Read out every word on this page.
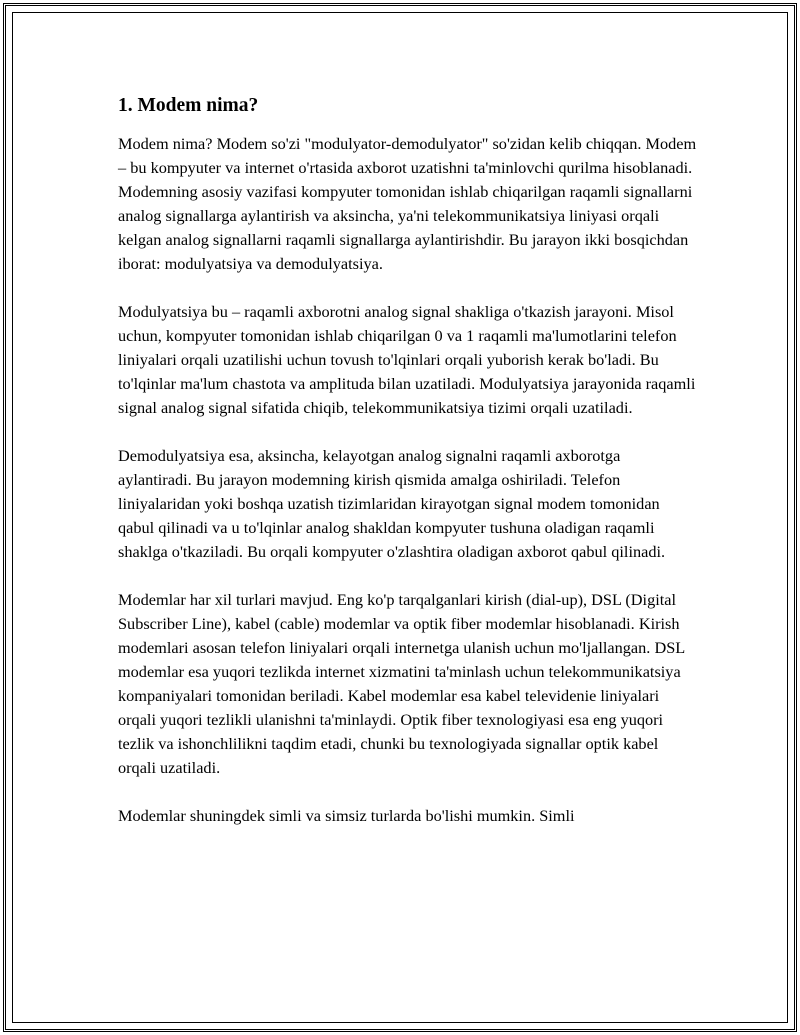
1. Modem nima?

Modem nima? Modem so'zi "modulyator-demodulyator" so'zidan kelib chiqqan. Modem – bu kompyuter va internet o'rtasida axborot uzatishni ta'minlovchi qurilma hisoblanadi. Modemning asosiy vazifasi kompyuter tomonidan ishlab chiqarilgan raqamli signallarni analog signallarga aylantirish va aksincha, ya'ni telekommunikatsiya liniyasi orqali kelgan analog signallarni raqamli signallarga aylantirishdir. Bu jarayon ikki bosqichdan iborat: modulyatsiya va demodulyatsiya.

Modulyatsiya bu – raqamli axborotni analog signal shakliga o'tkazish jarayoni. Misol uchun, kompyuter tomonidan ishlab chiqarilgan 0 va 1 raqamli ma'lumotlarini telefon liniyalari orqali uzatilishi uchun tovush to'lqinlari orqali yuborish kerak bo'ladi. Bu to'lqinlar ma'lum chastota va amplituda bilan uzatiladi. Modulyatsiya jarayonida raqamli signal analog signal sifatida chiqib, telekommunikatsiya tizimi orqali uzatiladi.

Demodulyatsiya esa, aksincha, kelayotgan analog signalni raqamli axborotga aylantiradi. Bu jarayon modemning kirish qismida amalga oshiriladi. Telefon liniyalaridan yoki boshqa uzatish tizimlaridan kirayotgan signal modem tomonidan qabul qilinadi va u to'lqinlar analog shakldan kompyuter tushuna oladigan raqamli shaklga o'tkaziladi. Bu orqali kompyuter o'zlashtira oladigan axborot qabul qilinadi.

Modemlar har xil turlari mavjud. Eng ko'p tarqalganlari kirish (dial-up), DSL (Digital Subscriber Line), kabel (cable) modemlar va optik fiber modemlar hisoblanadi. Kirish modemlari asosan telefon liniyalari orqali internetga ulanish uchun mo'ljallangan. DSL modemlar esa yuqori tezlikda internet xizmatini ta'minlash uchun telekommunikatsiya kompaniyalari tomonidan beriladi. Kabel modemlar esa kabel televidenie liniyalari orqali yuqori tezlikli ulanishni ta'minlaydi. Optik fiber texnologiyasi esa eng yuqori tezlik va ishonchlilikni taqdim etadi, chunki bu texnologiyada signallar optik kabel orqali uzatiladi.

Modemlar shuningdek simli va simsiz turlarda bo'lishi mumkin. Simli
